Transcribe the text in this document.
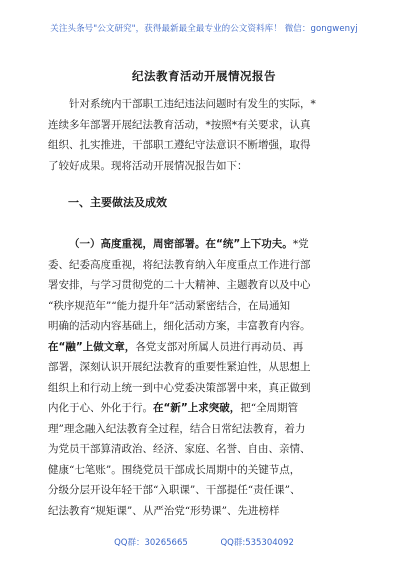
关注头条号"公文研究"，获得最新最全最专业的公文资料库！ 微信：gongwenyj
纪法教育活动开展情况报告
　　针对系统内干部职工违纪违法问题时有发生的实际，*
连续多年部署开展纪法教育活动，*按照*有关要求，认真
组织、扎实推进，干部职工遵纪守法意识不断增强，取得
了较好成果。现将活动开展情况报告如下：
一、主要做法及成效
（一）高度重视，周密部署。在“统”上下功夫。*党
委、纪委高度重视，将纪法教育纳入年度重点工作进行部
署安排，与学习贯彻党的二十大精神、主题教育以及中心
“秩序规范年”“能力提升年”活动紧密结合，在局通知
明确的活动内容基础上，细化活动方案，丰富教育内容。
在“融”上做文章，各党支部对所属人员进行再动员、再
部署，深刻认识开展纪法教育的重要性紧迫性，从思想上
组织上和行动上统一到中心党委决策部署中来，真正做到
内化于心、外化于行。在“新”上求突破，把“全周期管
理”理念融入纪法教育全过程，结合日常纪法教育，着力
为党员干部算清政治、经济、家庭、名誉、自由、亲情、
健康“七笔账”。围绕党员干部成长周期中的关键节点，
分级分层开设年轻干部“入职课”、干部提任“责任课”、
纪法教育“规矩课”、从严治党“形势课”、先进榜样
QQ群：30265665	QQ群:535304092
